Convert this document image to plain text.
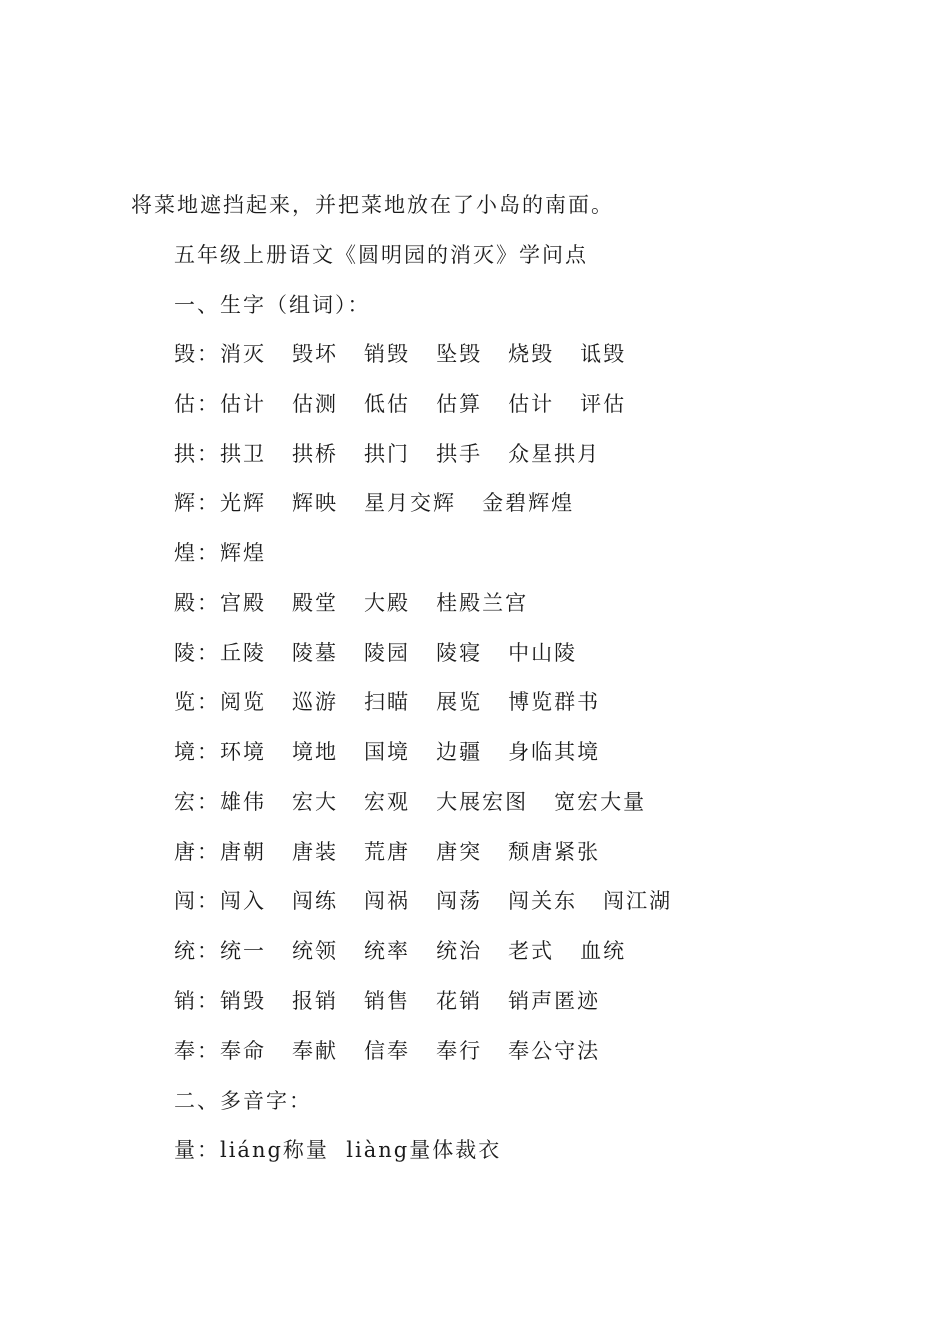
将菜地遮挡起来，并把菜地放在了小岛的南面。
五年级上册语文《圆明园的消灭》学问点
一、生字（组词）：
毁：消灭   毁坏   销毁   坠毁   烧毁   诋毁
估：估计   估测   低估   估算   估计   评估
拱：拱卫   拱桥   拱门   拱手   众星拱月
辉：光辉   辉映   星月交辉   金碧辉煌
煌：辉煌
殿：宫殿   殿堂   大殿   桂殿兰宫
陵：丘陵   陵墓   陵园   陵寝   中山陵
览：阅览   巡游   扫瞄   展览   博览群书
境：环境   境地   国境   边疆   身临其境
宏：雄伟   宏大   宏观   大展宏图   宽宏大量
唐：唐朝   唐装   荒唐   唐突   颓唐紧张
闯：闯入   闯练   闯祸   闯荡   闯关东   闯江湖
统：统一   统领   统率   统治   老式   血统
销：销毁   报销   销售   花销   销声匿迹
奉：奉命   奉献   信奉   奉行   奉公守法
二、多音字：
量：liáng称量  liàng量体裁衣
